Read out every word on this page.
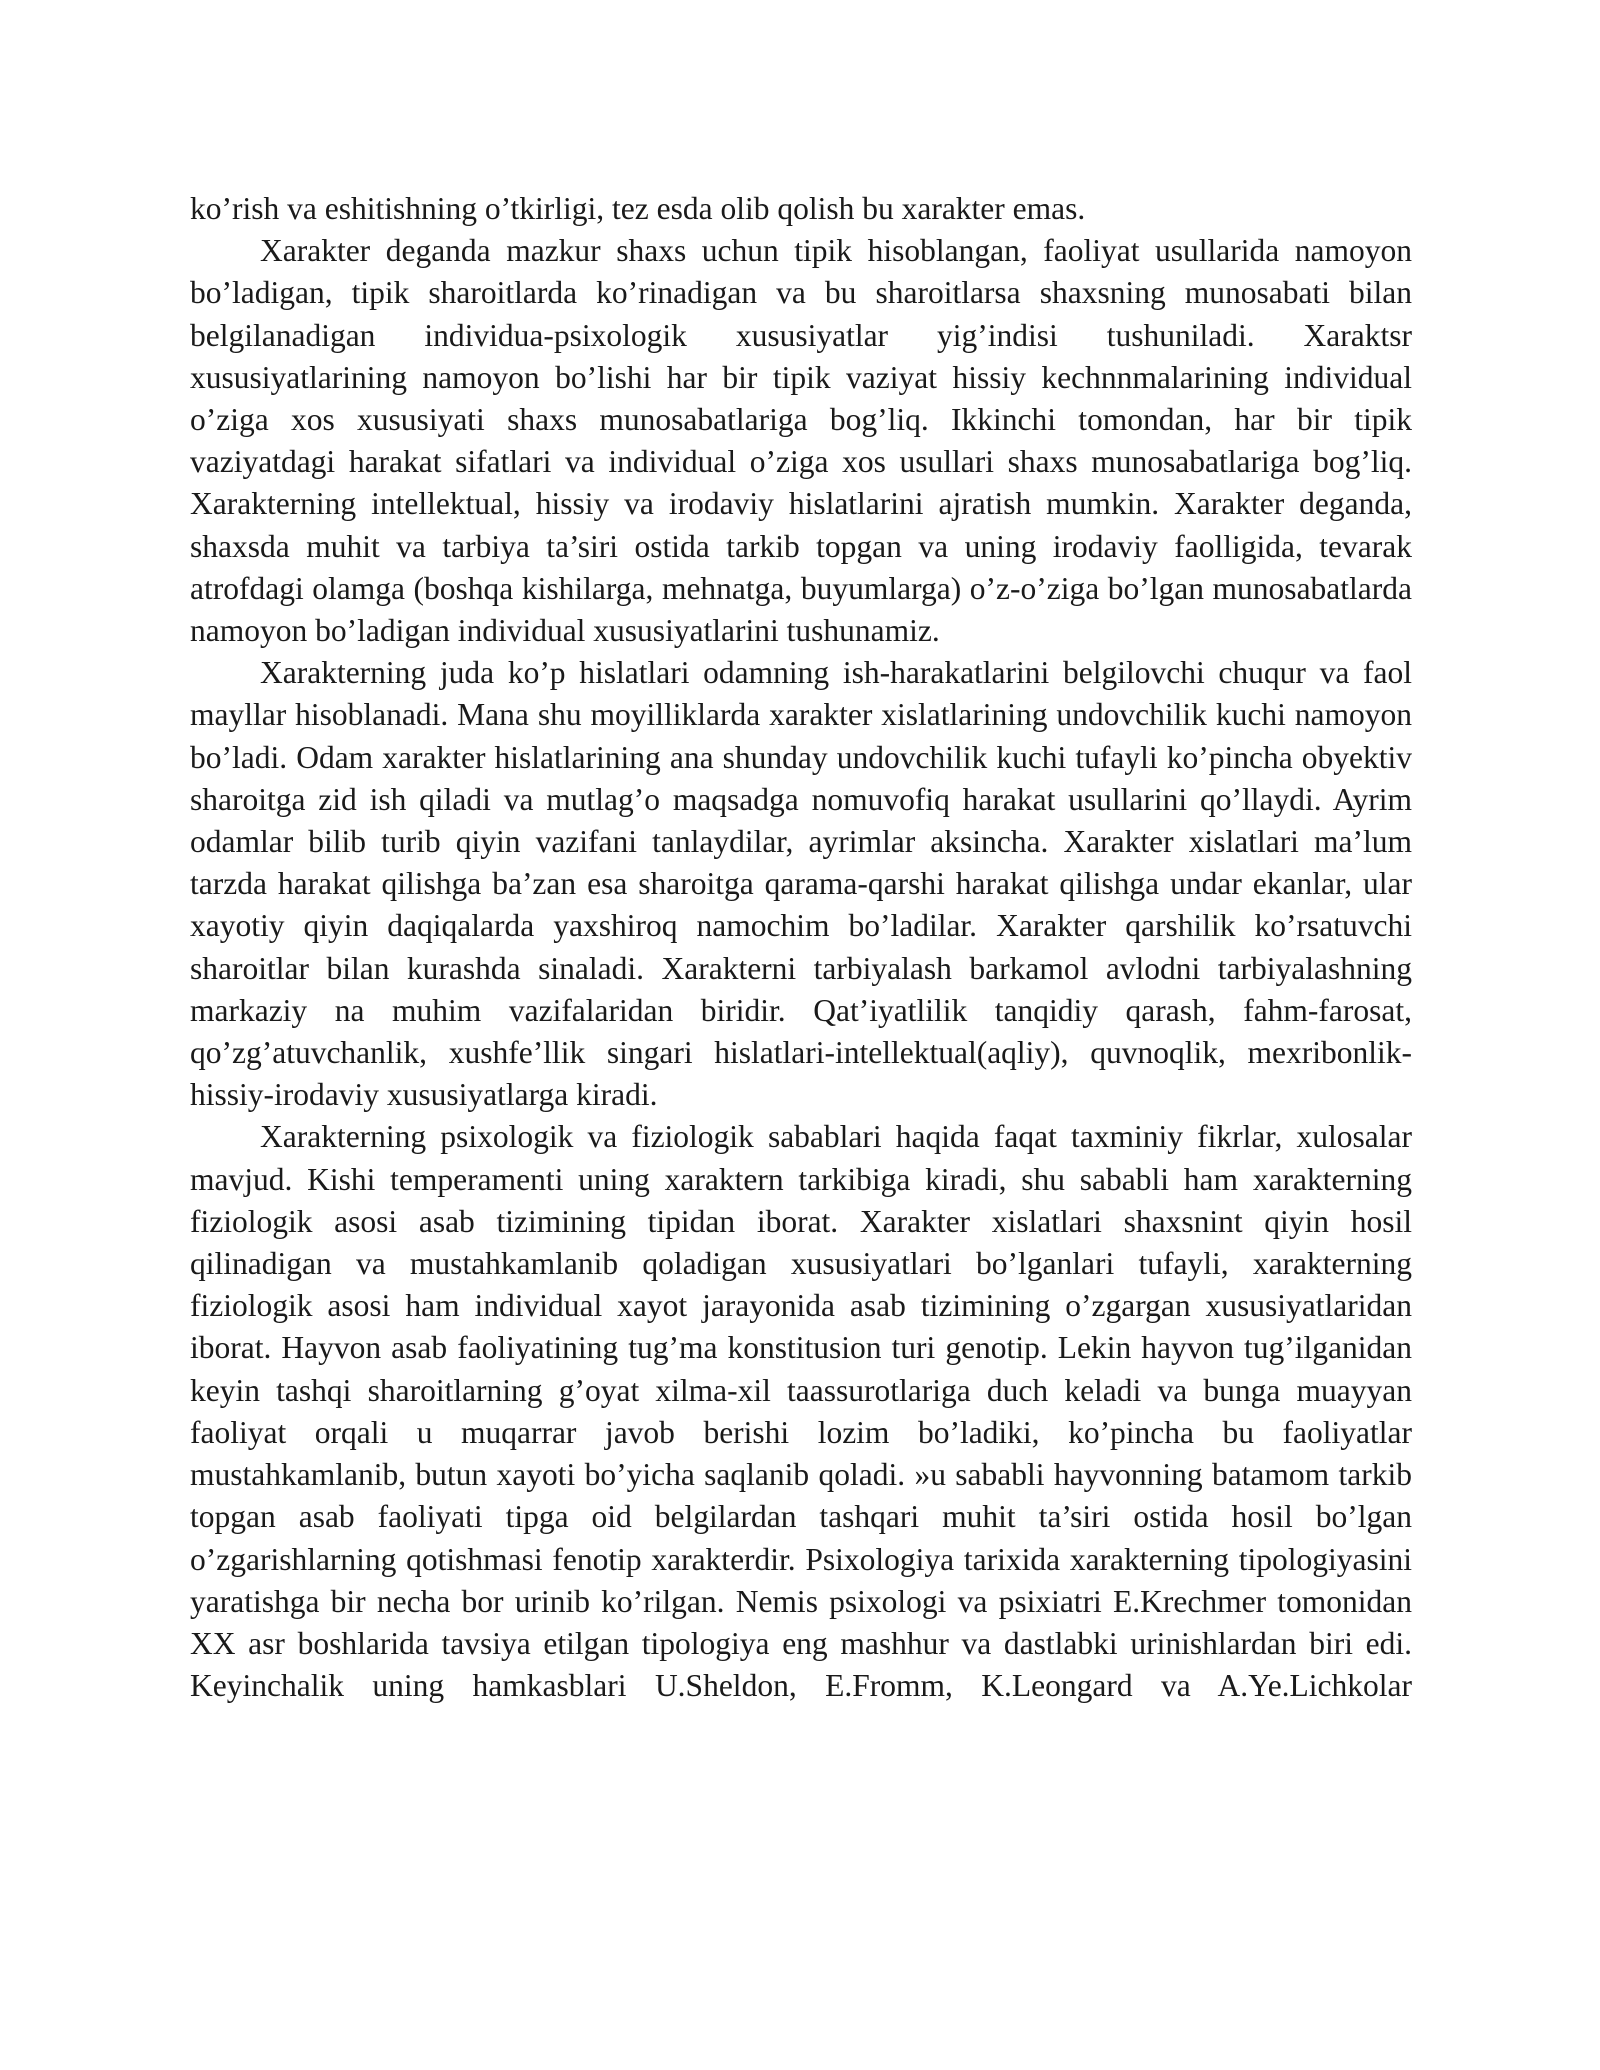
ko’rish va eshitishning o’tkirligi, tez esda olib qolish bu xarakter emas.

Xarakter deganda mazkur shaxs uchun tipik hisoblangan, faoliyat usullarida namoyon bo’ladigan, tipik sharoitlarda ko’rinadigan va bu sharoitlarsa shaxsning munosabati bilan belgilanadigan individua-psixologik xususiyatlar yig’indisi tushuniladi. Xaraktsr xususiyatlarining namoyon bo’lishi har bir tipik vaziyat hissiy kechnnmalarining individual o’ziga xos xususiyati shaxs munosabatlariga bog’liq. Ikkinchi tomondan, har bir tipik vaziyatdagi harakat sifatlari va individual o’ziga xos usullari shaxs munosabatlariga bog’liq. Xarakterning intellektual, hissiy va irodaviy hislatlarini ajratish mumkin. Xarakter deganda, shaxsda muhit va tarbiya ta’siri ostida tarkib topgan va uning irodaviy faolligida, tevarak atrofdagi olamga (boshqa kishilarga, mehnatga, buyumlarga) o’z-o’ziga bo’lgan munosabatlarda namoyon bo’ladigan individual xususiyatlarini tushunamiz.

Xarakterning juda ko’p hislatlari odamning ish-harakatlarini belgilovchi chuqur va faol mayllar hisoblanadi. Mana shu moyilliklarda xarakter xislatlarining undovchilik kuchi namoyon bo’ladi. Odam xarakter hislatlarining ana shunday undovchilik kuchi tufayli ko’pincha obyektiv sharoitga zid ish qiladi va mutlag’o maqsadga nomuvofiq harakat usullarini qo’llaydi. Ayrim odamlar bilib turib qiyin vazifani tanlaydilar, ayrimlar aksincha. Xarakter xislatlari ma’lum tarzda harakat qilishga ba’zan esa sharoitga qarama-qarshi harakat qilishga undar ekanlar, ular xayotiy qiyin daqiqalarda yaxshiroq namochim bo’ladilar. Xarakter qarshilik ko’rsatuvchi sharoitlar bilan kurashda sinaladi. Xarakterni tarbiyalash barkamol avlodni tarbiyalashning markaziy na muhim vazifalaridan biridir. Qat’iyatlilik tanqidiy qarash, fahm-farosat, qo’zg’atuvchanlik, xushfe’llik singari hislatlari-intellektual(aqliy), quvnoqlik, mexribonlik-hissiy-irodaviy xususiyatlarga kiradi.

Xarakterning psixologik va fiziologik sabablari haqida faqat taxminiy fikrlar, xulosalar mavjud. Kishi temperamenti uning xaraktern tarkibiga kiradi, shu sababli ham xarakterning fiziologik asosi asab tizimining tipidan iborat. Xarakter xislatlari shaxsnint qiyin hosil qilinadigan va mustahkamlanib qoladigan xususiyatlari bo’lganlari tufayli, xarakterning fiziologik asosi ham individual xayot jarayonida asab tizimining o’zgargan xususiyatlaridan iborat. Hayvon asab faoliyatining tug’ma konstitusion turi genotip. Lekin hayvon tug’ilganidan keyin tashqi sharoitlarning g’oyat xilma-xil taassurotlariga duch keladi va bunga muayyan faoliyat orqali u muqarrar javob berishi lozim bo’ladiki, ko’pincha bu faoliyatlar mustahkamlanib, butun xayoti bo’yicha saqlanib qoladi. »u sababli hayvonning batamom tarkib topgan asab faoliyati tipga oid belgilardan tashqari muhit ta’siri ostida hosil bo’lgan o’zgarishlarning qotishmasi fenotip xarakterdir. Psixologiya tarixida xarakterning tipologiyasini yaratishga bir necha bor urinib ko’rilgan. Nemis psixologi va psixiatri E.Krechmer tomonidan XX asr boshlarida tavsiya etilgan tipologiya eng mashhur va dastlabki urinishlardan biri edi. Keyinchalik uning hamkasblari U.Sheldon, E.Fromm, K.Leongard va A.Ye.Lichkolar
